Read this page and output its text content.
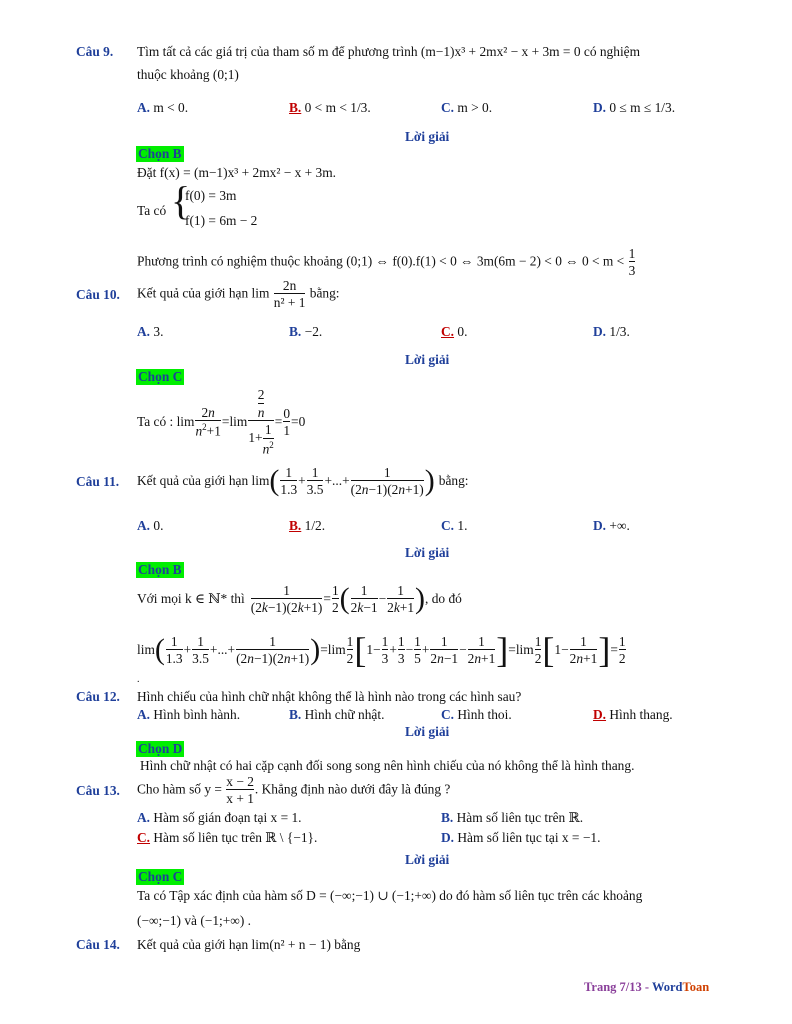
Câu 9. Tìm tất cả các giá trị của tham số m để phương trình (m−1)x³ + 2mx² − x + 3m = 0 có nghiệm
thuộc khoảng (0;1)
A. m < 0.	B. 0 < m < 1/3.	C. m > 0.	D. 0 ≤ m ≤ 1/3.
Lời giải
Chọn B
Đặt f(x) = (m−1)x³ + 2mx² − x + 3m.
Ta có {
f(0) = 3m
f(1) = 6m − 2
Phương trình có nghiệm thuộc khoảng (0;1) ⇔ f(0).f(1) < 0 ⇔ 3m(6m − 2) < 0 ⇔ $0 < m < \frac{1}{3}$
Câu 10. Kết quả của giới hạn $\lim \frac{2n}{\text{n² + 1}}$ bằng:
A. 3.	B. −2.	C. 0.	D. 1/3.
Lời giải
Chọn C
Ta có : $\lim \frac{2n}{n^2+1} =\lim \frac{\frac{2}{n}}{1+ \frac{1}{n^2}} = \frac{0}{1} =0$
Câu 11. Kết quả của giới hạn lim ( $\frac{1}{1.3} + \frac{1}{3.5}$ +...+ $\frac{1}{(2n-1)(2n+1)}$ ) bằng:
A. 0.	B. 1/2.	C. 1.	D. +∞.
Lời giải
Chọn B
Với mọi k ∈ ℕ* thì $\frac{1}{(2k-1)(2k+1)} = \frac{1}{2}$ ( $\frac{1}{2k-1} - \frac{1}{2k+1}$ ) , do đó
lim ( $\frac{1}{1.3} + \frac{1}{3.5}$ +...+ $\frac{1}{(2n-1)(2n+1)}$ ) $=\lim \frac{1}{2}$ [ $1- \frac{1}{3} + \frac{1}{3} - \frac{1}{5} + \frac{1}{2n-1} - \frac{1}{2n+1}$ ] $=\lim \frac{1}{2}$ [ $1- \frac{1}{2n+1}$ ] = $\frac{1}{2}$
.
Câu 12. Hình chiếu của hình chữ nhật không thể là hình nào trong các hình sau?
A. Hình bình hành.	B. Hình chữ nhật.	C. Hình thoi.	D. Hình thang.
Lời giải
Chọn D
Hình chữ nhật có hai cặp cạnh đối song song nên hình chiếu của nó không thể là hình thang.
Câu 13. Cho hàm số $y = \frac{x - 2}{x + 1}$ . Khẳng định nào dưới đây là đúng ?
A. Hàm số gián đoạn tại x = 1.	B. Hàm số liên tục trên ℝ.
C. Hàm số liên tục trên ℝ \ {−1}.	D. Hàm số liên tục tại x = −1.
Lời giải
Chọn C
Ta có Tập xác định của hàm số D = (−∞;−1) ∪ (−1;+∞) do đó hàm số liên tục trên các khoảng
(−∞;−1) và (−1;+∞) .
Câu 14. Kết quả của giới hạn lim(n² + n − 1) bằng
Trang 7/13 - WordToan
